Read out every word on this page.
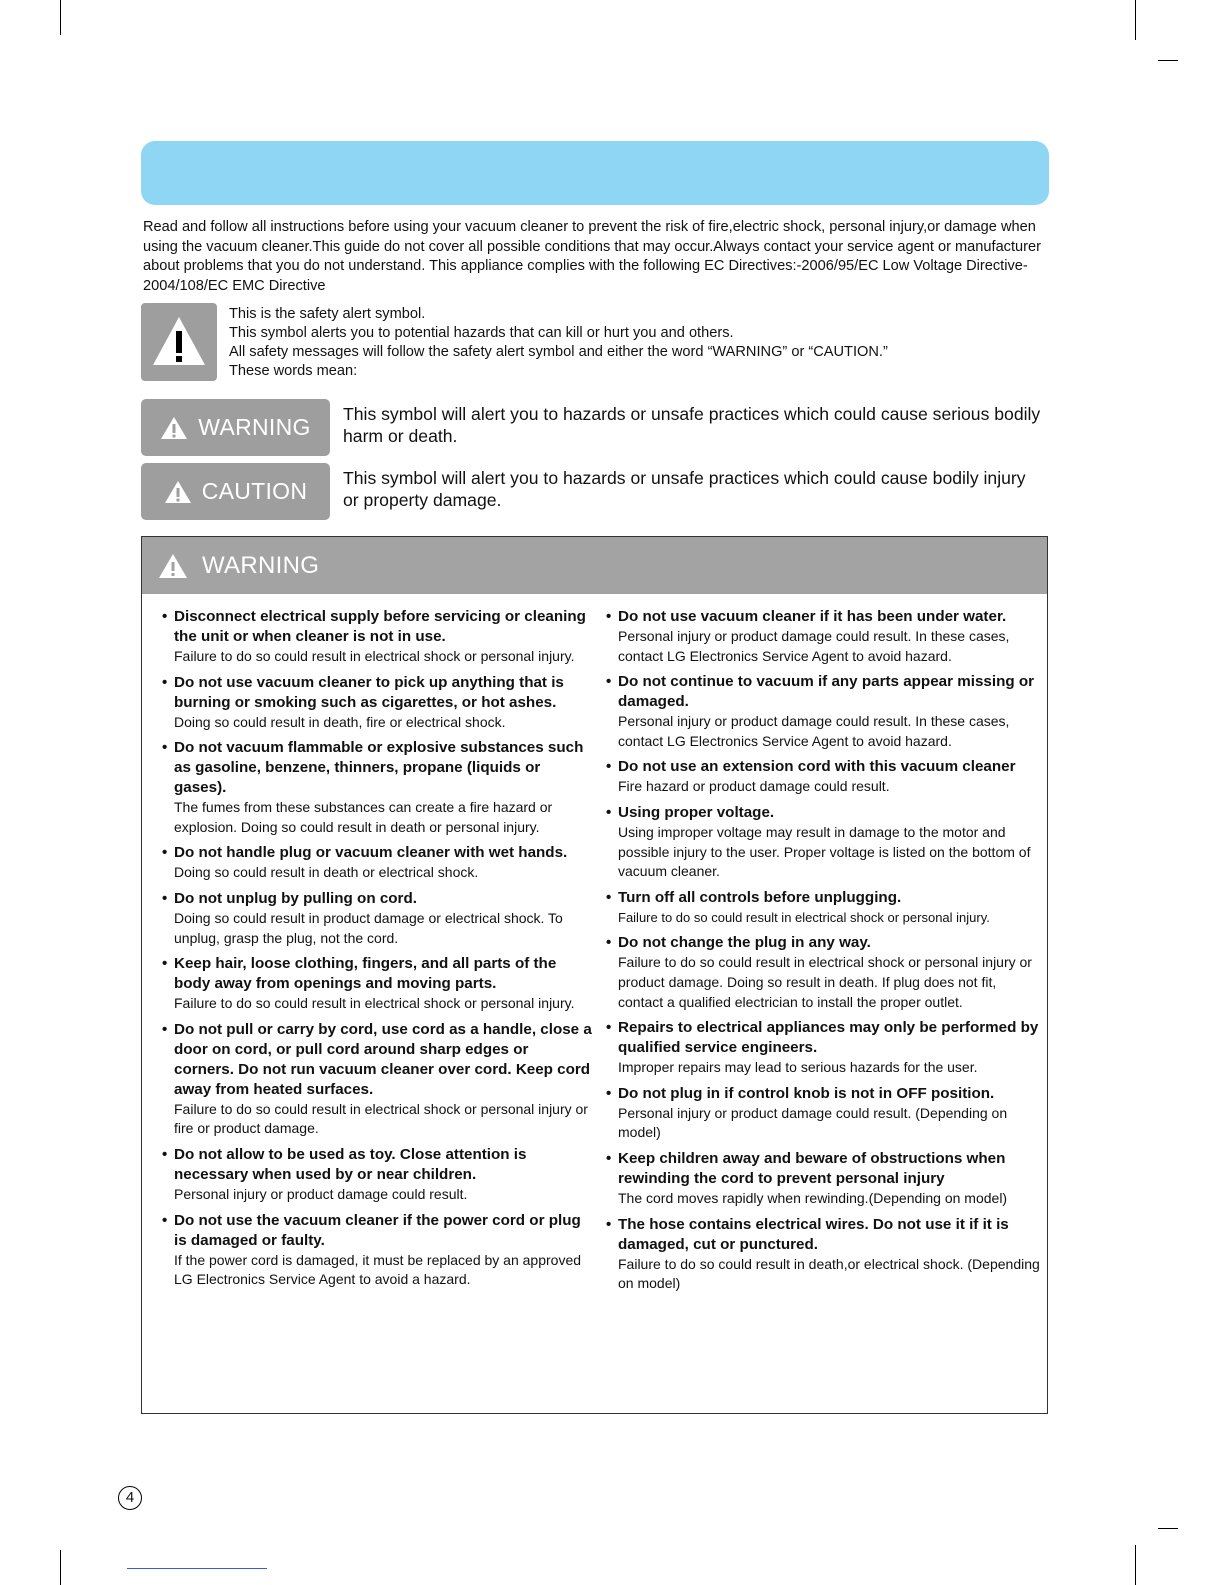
Read and follow all instructions before using your vacuum cleaner to prevent the risk of fire,electric shock, personal injury,or damage when using the vacuum cleaner.This guide do not cover all possible conditions that may occur.Always contact your service agent or manufacturer about problems that you do not understand. This appliance complies with the following EC Directives:-2006/95/EC Low Voltage Directive-2004/108/EC EMC Directive

This is the safety alert symbol.
This symbol alerts you to potential hazards that can kill or hurt you and others.
All safety messages will follow the safety alert symbol and either the word “WARNING” or “CAUTION.”
These words mean:
WARNING This symbol will alert you to hazards or unsafe practices which could cause serious bodily harm or death.

CAUTION This symbol will alert you to hazards or unsafe practices which could cause bodily injury or property damage.

WARNING
• Disconnect electrical supply before servicing or cleaning the unit or when cleaner is not in use.
Failure to do so could result in electrical shock or personal injury.
• Do not use vacuum cleaner to pick up anything that is burning or smoking such as cigarettes, or hot ashes.
Doing so could result in death, fire or electrical shock.
• Do not vacuum flammable or explosive substances such as gasoline, benzene, thinners, propane (liquids or gases).
The fumes from these substances can create a fire hazard or explosion. Doing so could result in death or personal injury.
• Do not handle plug or vacuum cleaner with wet hands.
Doing so could result in death or electrical shock.
• Do not unplug by pulling on cord.
Doing so could result in product damage or electrical shock. To unplug, grasp the plug, not the cord.
• Keep hair, loose clothing, fingers, and all parts of the body away from openings and moving parts.
Failure to do so could result in electrical shock or personal injury.
• Do not pull or carry by cord, use cord as a handle, close a door on cord, or pull cord around sharp edges or corners. Do not run vacuum cleaner over cord. Keep cord away from heated surfaces.
Failure to do so could result in electrical shock or personal injury or fire or product damage.
• Do not allow to be used as toy. Close attention is necessary when used by or near children.
Personal injury or product damage could result.
• Do not use the vacuum cleaner if the power cord or plug is damaged or faulty.
If the power cord is damaged, it must be replaced by an approved LG Electronics Service Agent to avoid a hazard.
• Do not use vacuum cleaner if it has been under water.
Personal injury or product damage could result. In these cases, contact LG Electronics Service Agent to avoid hazard.
• Do not continue to vacuum if any parts appear missing or damaged.
Personal injury or product damage could result. In these cases, contact LG Electronics Service Agent to avoid hazard.
• Do not use an extension cord with this vacuum cleaner
Fire hazard or product damage could result.
• Using proper voltage.
Using improper voltage may result in damage to the motor and possible injury to the user. Proper voltage is listed on the bottom of vacuum cleaner.
• Turn off all controls before unplugging.
Failure to do so could result in electrical shock or personal injury.
• Do not change the plug in any way.
Failure to do so could result in electrical shock or personal injury or product damage. Doing so result in death. If plug does not fit, contact a qualified electrician to install the proper outlet.
• Repairs to electrical appliances may only be performed by qualified service engineers.
Improper repairs may lead to serious hazards for the user.
• Do not plug in if control knob is not in OFF position.
Personal injury or product damage could result. (Depending on model)
• Keep children away and beware of obstructions when rewinding the cord to prevent personal injury
The cord moves rapidly when rewinding.(Depending on model)
• The hose contains electrical wires. Do not use it if it is damaged, cut or punctured.
Failure to do so could result in death,or electrical shock. (Depending on model)
4
